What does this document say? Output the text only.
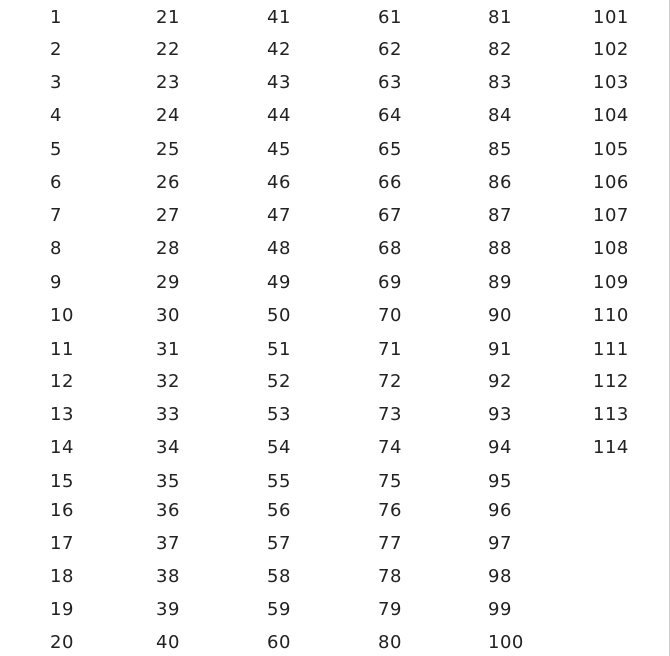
1
2
3
4
5
6
7
8
9
10
11
12
13
14
15
16
17
18
19
20
21
22
23
24
25
26
27
28
29
30
31
32
33
34
35
36
37
38
39
40
41
42
43
44
45
46
47
48
49
50
51
52
53
54
55
56
57
58
59
60
61
62
63
64
65
66
67
68
69
70
71
72
73
74
75
76
77
78
79
80
81
82
83
84
85
86
87
88
89
90
91
92
93
94
95
96
97
98
99
100
101
102
103
104
105
106
107
108
109
110
111
112
113
114
